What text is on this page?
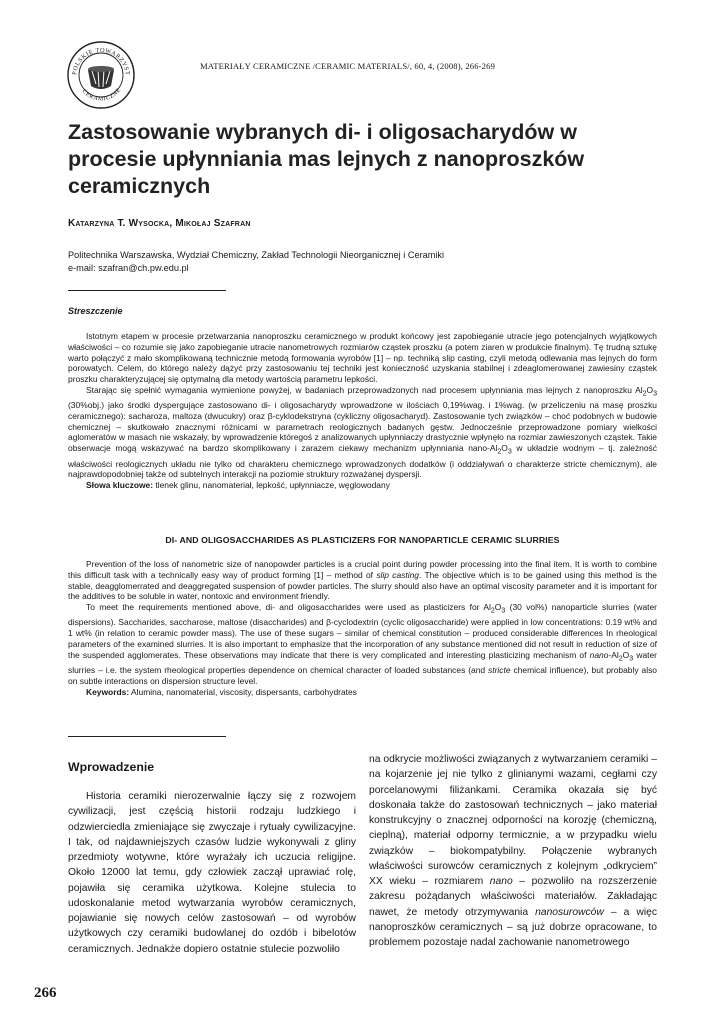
POLSKIE TOWARZYST
CERAMICZNE
MATERIAŁY CERAMICZNE /CERAMIC MATERIALS/, 60, 4, (2008), 266-269
Zastosowanie wybranych di- i oligosacharydów w procesie upłynniania mas lejnych z nanoproszków ceramicznych
Katarzyna T. Wysocka, Mikołaj Szafran
Politechnika Warszawska, Wydział Chemiczny, Zakład Technologii Nieorganicznej i Ceramiki
e-mail: szafran@ch.pw.edu.pl
Streszczenie

Istotnym etapem w procesie przetwarzania nanoproszku ceramicznego w produkt końcowy jest zapobieganie utracie jego potencjalnych wyjątkowych właściwości – co rozumie się jako zapobieganie utracie nanometrowych rozmiarów cząstek proszku (a potem ziaren w produkcie finalnym). Tę trudną sztukę warto połączyć z mało skomplikowaną technicznie metodą formowania wyrobów [1] – np. techniką slip casting, czyli metodą odlewania mas lejnych do form porowatych. Celem, do którego należy dążyć przy zastosowaniu tej techniki jest konieczność uzyskania stabilnej i zdeaglomerowanej zawiesiny cząstek proszku charakteryzującej się optymalną dla metody wartością parametru lepkości.

Starając się spełnić wymagania wymienione powyżej, w badaniach przeprowadzonych nad procesem upłynniania mas lejnych z nanoproszku $Al_2O_3$ (30%obj.) jako środki dyspergujące zastosowano di- i oligosacharydy wprowadzone w ilościach 0,19%wag. i 1%wag. (w przeliczeniu na masę proszku ceramicznego): sacharoza, maltoza (dwucukry) oraz β-cyklodekstryna (cykliczny oligosacharyd). Zastosowanie tych związków – choć podobnych w budowie chemicznej – skutkowało znacznymi różnicami w parametrach reologicznych badanych gęstw. Jednocześnie przeprowadzone pomiary wielkości aglomeratów w masach nie wskazały, by wprowadzenie któregoś z analizowanych upłynniaczy drastycznie wpłynęło na rozmiar zawieszonych cząstek. Takie obserwacje mogą wskazywać na bardzo skomplikowany i zarazem ciekawy mechanizm upłynniania nano-$Al_2O_3$ w układzie wodnym – tj. zależność właściwości reologicznych układu nie tylko od charakteru chemicznego wprowadzonych dodatków (i oddziaływań o charakterze stricte chemicznym), ale najprawdopodobniej także od subtelnych interakcji na poziomie struktury rozważanej dyspersji.

Słowa kluczowe: tlenek glinu, nanomateriał, lepkość, upłynniacze, węglowodany

DI- AND OLIGOSACCHARIDES AS PLASTICIZERS FOR NANOPARTICLE CERAMIC SLURRIES

Prevention of the loss of nanometric size of nanopowder particles is a crucial point during powder processing into the final item. It is worth to combine this difficult task with a technically easy way of product forming [1] – method of slip casting. The objective which is to be gained using this method is the stable, deagglomerrated and deaggregated suspension of powder particles. The slurry should also have an optimal viscosity parameter and it is important for the additives to be soluble in water, nontoxic and environment friendly.

To meet the requirements mentioned above, di- and oligosaccharides were used as plasticizers for $Al_2O_3$ (30 vol%) nanoparticle slurries (water dispersions). Saccharides, saccharose, maltose (disaccharides) and β-cyclodextrin (cyclic oligosaccharide) were applied in low concentrations: 0.19 wt% and 1 wt% (in relation to ceramic powder mass). The use of these sugars – similar of chemical constitution – produced considerable differences In rheological parameters of the examined slurries. It is also important to emphasize that the incorporation of any substance mentioned did not result in reduction of size of the suspended agglomerates. These observations may indicate that there is very complicated and interesting plasticizing mechanism of nano-$Al_2O_3$ water slurries – i.e. the system rheological properties dependence on chemical character of loaded substances (and stricte chemical influence), but probably also on subtle interactions on dispersion structure level.

Keywords: Alumina, nanomaterial, viscosity, dispersants, carbohydrates

Wprowadzenie

Historia ceramiki nierozerwalnie łączy się z rozwojem cywilizacji, jest częścią historii rodzaju ludzkiego i odzwierciedla zmieniające się zwyczaje i rytuały cywilizacyjne. I tak, od najdawniejszych czasów ludzie wykonywali z gliny przedmioty wotywne, które wyrażały ich uczucia religijne. Około 12000 lat temu, gdy człowiek zaczął uprawiać rolę, pojawiła się ceramika użytkowa. Kolejne stulecia to udoskonalanie metod wytwarzania wyrobów ceramicznych, pojawianie się nowych celów zastosowań – od wyrobów użytkowych czy ceramiki budowlanej do ozdób i bibelotów ceramicznych. Jednakże dopiero ostatnie stulecie pozwoliło

na odkrycie możliwości związanych z wytwarzaniem ceramiki – na kojarzenie jej nie tylko z glinianymi wazami, cegłami czy porcelanowymi filiżankami. Ceramika okazała się być doskonała także do zastosowań technicznych – jako materiał konstrukcyjny o znacznej odporności na korozję (chemiczną, cieplną), materiał odporny termicznie, a w przypadku wielu związków – biokompatybilny. Połączenie wybranych właściwości surowców ceramicznych z kolejnym „odkryciem” XX wieku – rozmiarem nano – pozwoliło na rozszerzenie zakresu pożądanych właściwości materiałów. Zakładając nawet, że metody otrzymywania nanosurowców – a więc nanoproszków ceramicznych – są już dobrze opracowane, to problemem pozostaje nadal zachowanie nanometrowego

266
